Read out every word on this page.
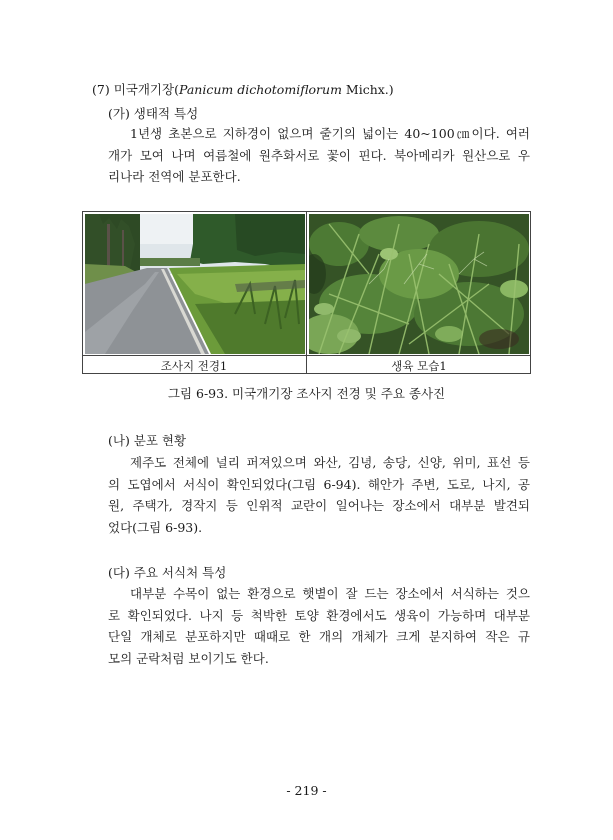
(7) 미국개기장(Panicum dichotomiflorum Michx.)
(가) 생태적 특성
1년생 초본으로 지하경이 없으며 줄기의 넓이는 40~100㎝이다. 여러
개가 모여 나며 여름철에 원추화서로 꽃이 핀다. 북아메리카 원산으로 우
리나라 전역에 분포한다.
조사지 전경1	생육 모습1
그림 6-93. 미국개기장 조사지 전경 및 주요 종사진
(나) 분포 현황
제주도 전체에 널리 퍼져있으며 와산, 김녕, 송당, 신양, 위미, 표선 등
의 도엽에서 서식이 확인되었다(그림 6-94). 해안가 주변, 도로, 나지, 공
원, 주택가, 경작지 등 인위적 교란이 일어나는 장소에서 대부분 발견되
었다(그림 6-93).
(다) 주요 서식처 특성
대부분 수목이 없는 환경으로 햇볕이 잘 드는 장소에서 서식하는 것으
로 확인되었다. 나지 등 척박한 토양 환경에서도 생육이 가능하며 대부분
단일 개체로 분포하지만 때때로 한 개의 개체가 크게 분지하여 작은 규
모의 군락처럼 보이기도 한다.
- 219 -
